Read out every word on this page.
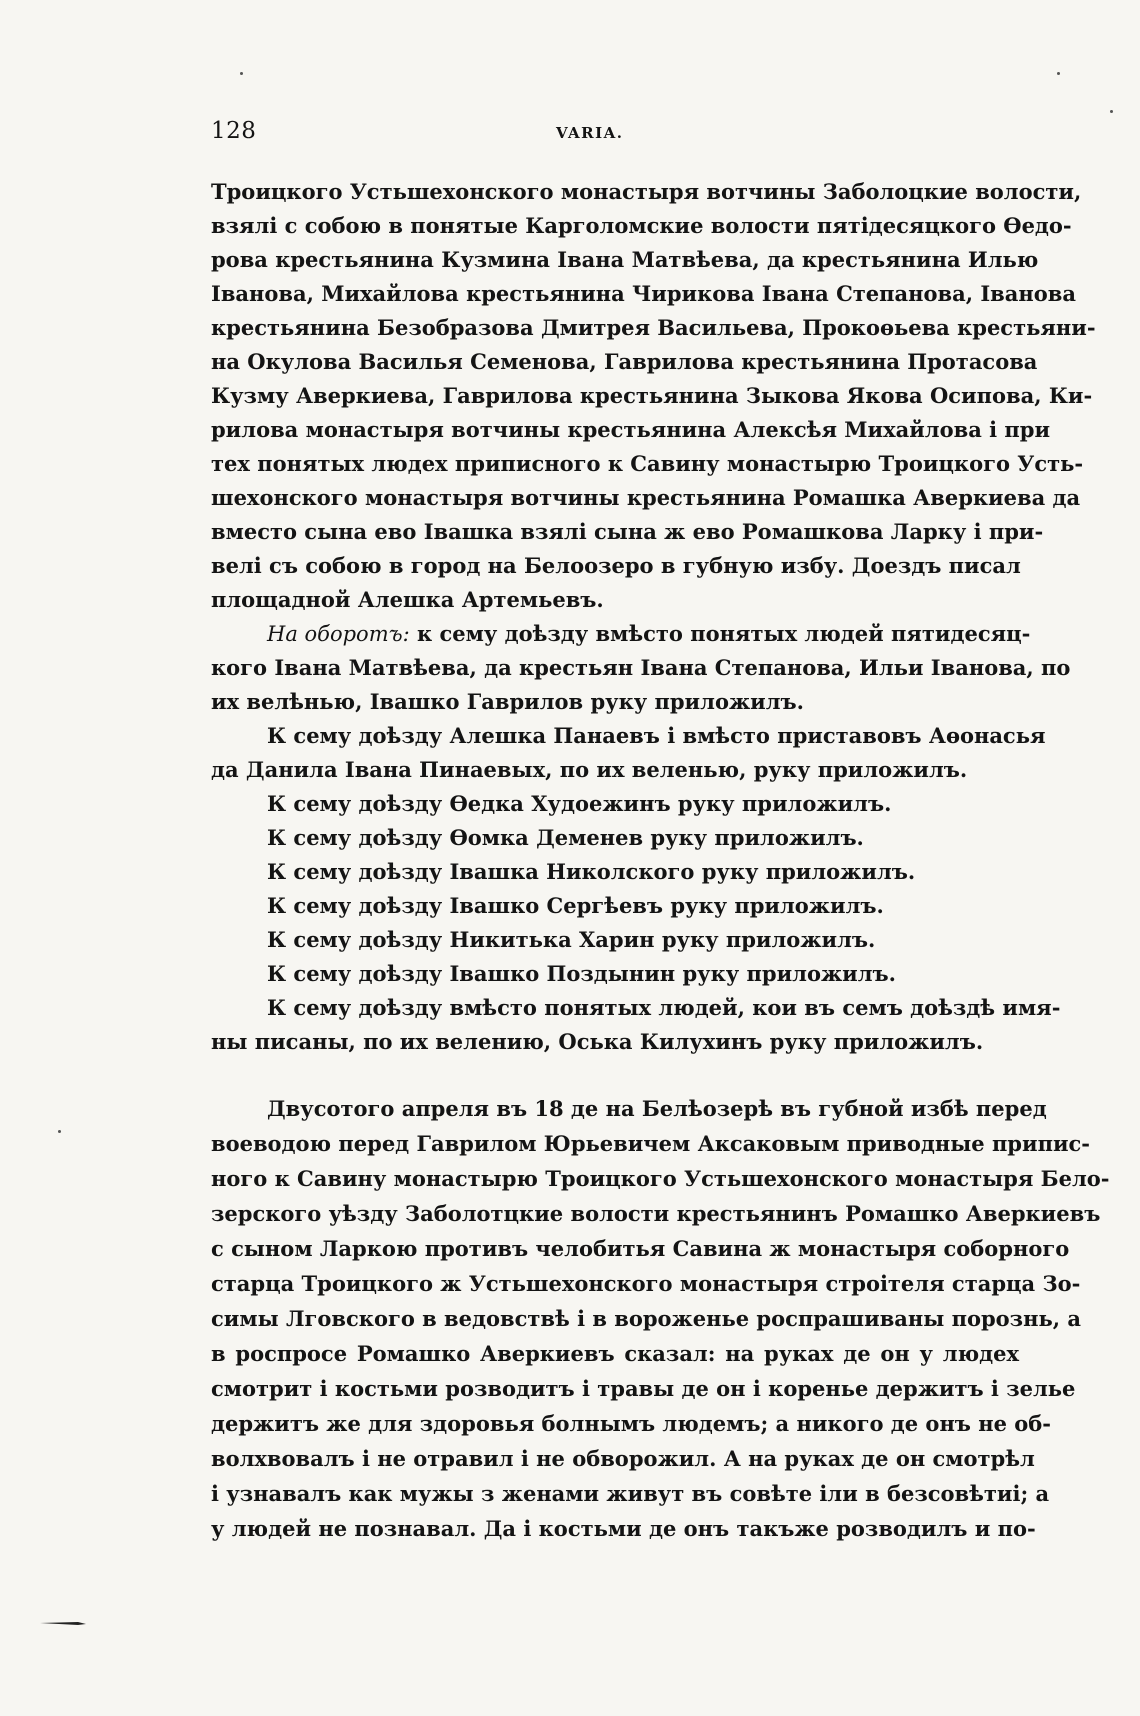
128	VARIA.
Троицкого Устьшехонского монастыря вотчины Заболоцкие волости,
взялі с собою в понятые Карголомские волости пятідесяцкого Өедо-
рова крестьянина Кузмина Івана Матвѣева, да крестьянина Илью
Іванова, Михайлова крестьянина Чирикова Івана Степанова, Іванова
крестьянина Безобразова Дмитрея Васильева, Прокоөьева крестьяни-
на Окулова Василья Семенова, Гаврилова крестьянина Протасова
Кузму Аверкиева, Гаврилова крестьянина Зыкова Якова Осипова, Ки-
рилова монастыря вотчины крестьянина Алексѣя Михайлова і при
тех понятых людех приписного к Савину монастырю Троицкого Усть-
шехонского монастыря вотчины крестьянина Ромашка Аверкиева да
вместо сына ево Івашка взялі сына ж ево Ромашкова Ларку і при-
велі съ собою в город на Белоозеро в губную избу. Доездъ писал
площадной Алешка Артемьевъ.
На оборотъ: к сему доѣзду вмѣсто понятых людей пятидесяц-
кого Івана Матвѣева, да крестьян Івана Степанова, Ильи Іванова, по
их велѣнью, Івашко Гаврилов руку приложилъ.
К сему доѣзду Алешка Панаевъ і вмѣсто приставовъ Аөонасья
да Данила Івана Пинаевых, по их веленью, руку приложилъ.
К сему доѣзду Өедка Худоежинъ руку приложилъ.
К сему доѣзду Өомка Деменев руку приложилъ.
К сему доѣзду Івашка Николского руку приложилъ.
К сему доѣзду Івашко Сергѣевъ руку приложилъ.
К сему доѣзду Никитька Харин руку приложилъ.
К сему доѣзду Івашко Поздынин руку приложилъ.
К сему доѣзду вмѣсто понятых людей, кои въ семъ доѣздѣ имя-
ны писаны, по их велению, Оська Килухинъ руку приложилъ.
Двусотого апреля въ 18 де на Белѣозерѣ въ губной избѣ перед
воеводою перед Гаврилом Юрьевичем Аксаковым приводные припис-
ного к Савину монастырю Троицкого Устьшехонского монастыря Бело-
зерского уѣзду Заболотцкие волости крестьянинъ Ромашко Аверкиевъ
с сыном Ларкою противъ челобитья Савина ж монастыря соборного
старца Троицкого ж Устьшехонского монастыря строітеля старца Зо-
симы Лговского в ведовствѣ і в вороженье роспрашиваны порознь, а
в роспросе Ромашко Аверкиевъ сказал: на руках де он у людех
смотрит і костьми розводитъ і травы де он і коренье держитъ і зелье
держитъ же для здоровья болнымъ людемъ; а никого де онъ не об-
волхвовалъ і не отравил і не обворожил. А на руках де он смотрѣл
і узнавалъ как мужы з женами живут въ совѣте іли в безсовѣтиі; а
у людей не познавал. Да і костьми де онъ такъже розводилъ и по-
